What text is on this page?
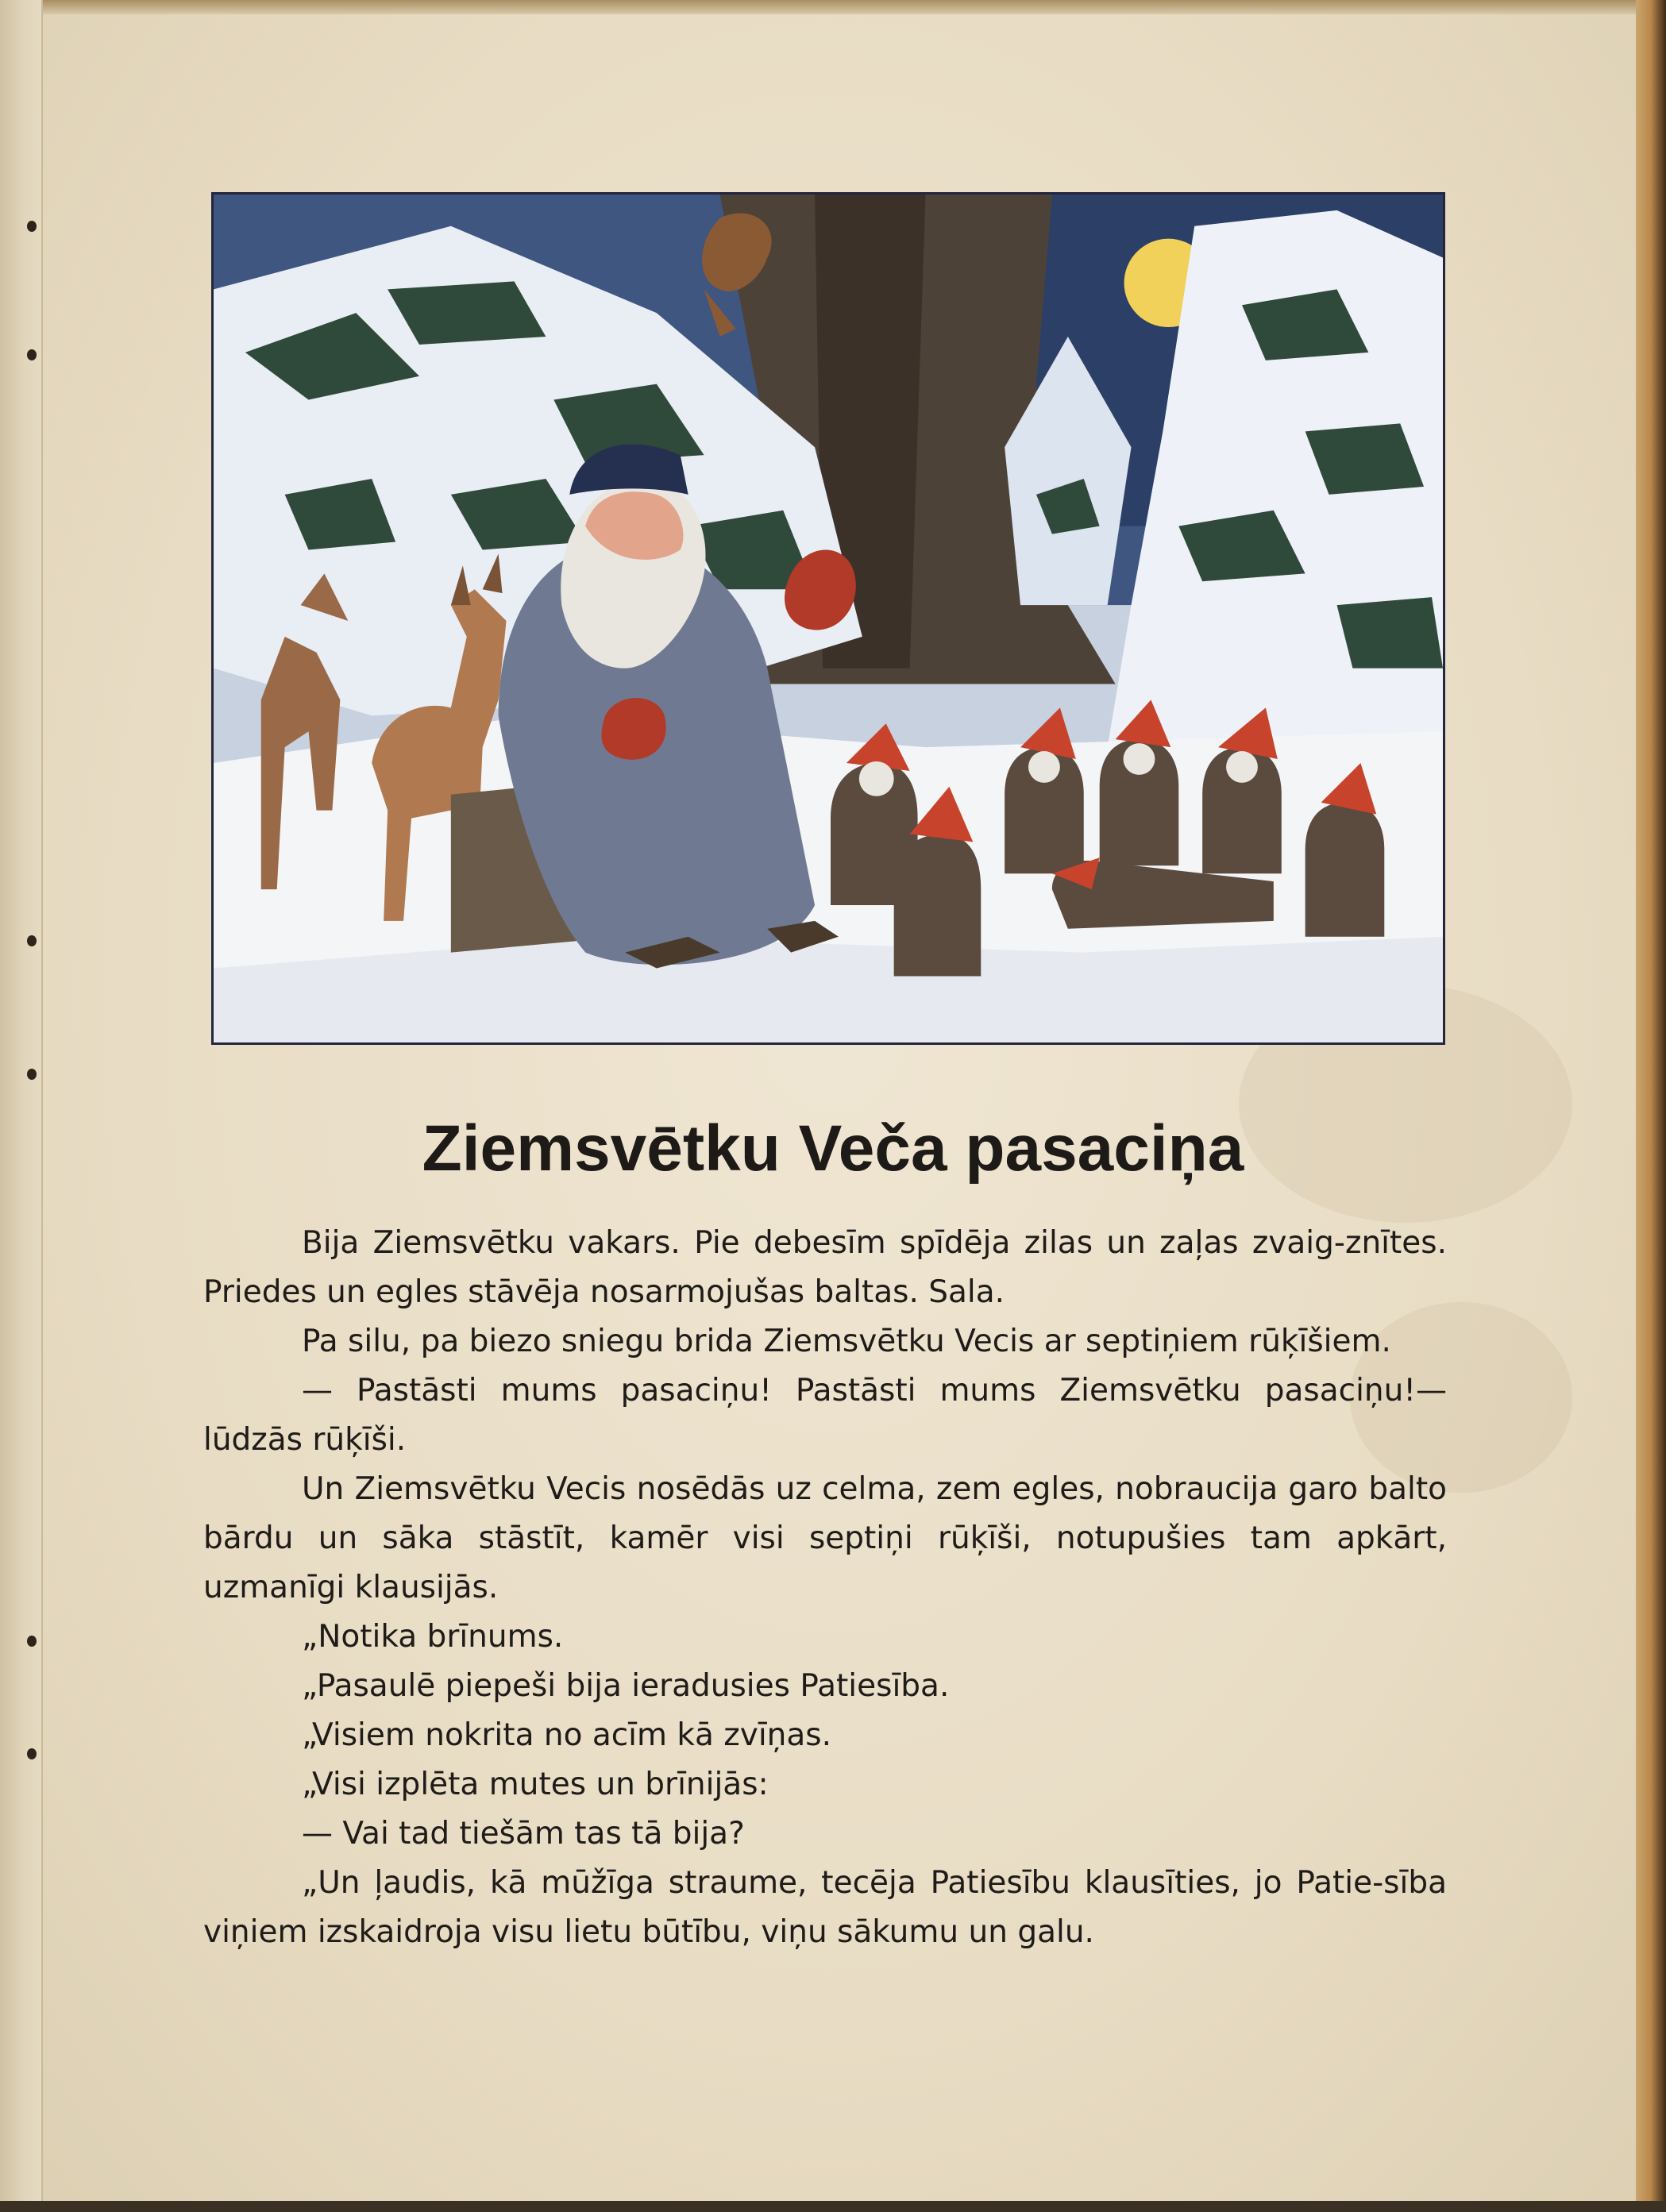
Ziemsvētku Veča pasaciņa

Bija Ziemsvētku vakars. Pie debesīm spīdēja zilas un zaļas zvaig-znītes. Priedes un egles stāvēja nosarmojušas baltas. Sala.

Pa silu, pa biezo sniegu brida Ziemsvētku Vecis ar septiņiem rūķīšiem.

— Pastāsti mums pasaciņu! Pastāsti mums Ziemsvētku pasaciņu!— lūdzās rūķīši.

Un Ziemsvētku Vecis nosēdās uz celma, zem egles, nobraucija garo balto bārdu un sāka stāstīt, kamēr visi septiņi rūķīši, notupušies tam apkārt, uzmanīgi klausijās.

„Notika brīnums.

„Pasaulē piepeši bija ieradusies Patiesība.

„Visiem nokrita no acīm kā zvīņas.

„Visi izplēta mutes un brīnijās:

— Vai tad tiešām tas tā bija?

„Un ļaudis, kā mūžīga straume, tecēja Patiesību klausīties, jo Patie-sība viņiem izskaidroja visu lietu būtību, viņu sākumu un galu.
